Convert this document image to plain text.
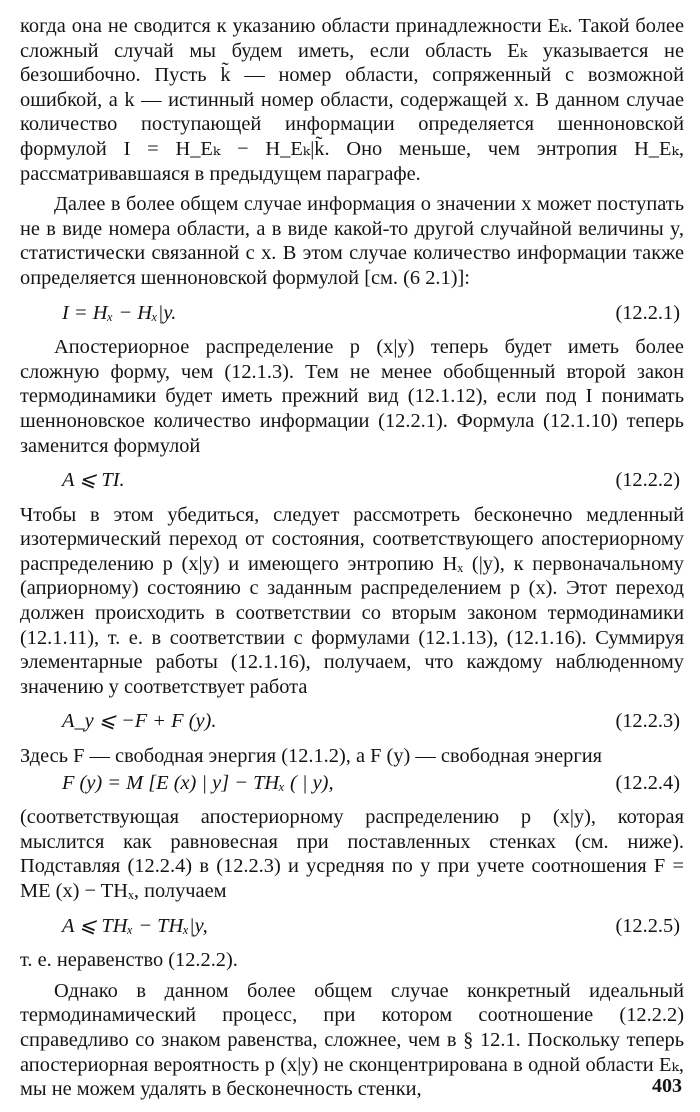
когда она не сводится к указанию области принадлежности Eₖ. Такой более сложный случай мы будем иметь, если область Eₖ указывается не безошибочно. Пусть k̃ — номер области, сопряженный с возможной ошибкой, а k — истинный номер области, содержащей x. В данном случае количество поступающей информации определяется шенноновской формулой I = H_Eₖ − H_Eₖ|k̃. Оно меньше, чем энтропия H_Eₖ, рассматривавшаяся в предыдущем параграфе.

Далее в более общем случае информация о значении x может поступать не в виде номера области, а в виде какой-то другой случайной величины y, статистически связанной с x. В этом случае количество информации также определяется шенноновской формулой [см. (6 2.1)]:

I = Hₓ − Hₓ|y.	(12.2.1)

Апостериорное распределение p (x|y) теперь будет иметь более сложную форму, чем (12.1.3). Тем не менее обобщенный второй закон термодинамики будет иметь прежний вид (12.1.12), если под I понимать шенноновское количество информации (12.2.1). Формула (12.1.10) теперь заменится формулой

A ⩽ TI.	(12.2.2)

Чтобы в этом убедиться, следует рассмотреть бесконечно медленный изотермический переход от состояния, соответствующего апостериорному распределению p (x|y) и имеющего энтропию Hₓ (|y), к первоначальному (априорному) состоянию с заданным распределением p (x). Этот переход должен происходить в соответствии со вторым законом термодинамики (12.1.11), т. е. в соответствии с формулами (12.1.13), (12.1.16). Суммируя элементарные работы (12.1.16), получаем, что каждому наблюденному значению y соответствует работа

A_y ⩽ −F + F (y).	(12.2.3)

Здесь F — свободная энергия (12.1.2), а F (y) — свободная энергия

F (y) = M [E (x) | y] − THₓ ( | y),	(12.2.4)

(соответствующая апостериорному распределению p (x|y), которая мыслится как равновесная при поставленных стенках (см. ниже). Подставляя (12.2.4) в (12.2.3) и усредняя по y при учете соотношения F = ME (x) − THₓ, получаем

A ⩽ THₓ − THₓ|y,	(12.2.5)

т. е. неравенство (12.2.2).

Однако в данном более общем случае конкретный идеальный термодинамический процесс, при котором соотношение (12.2.2) справедливо со знаком равенства, сложнее, чем в § 12.1. Поскольку теперь апостериорная вероятность p (x|y) не сконцентрирована в одной области Eₖ, мы не можем удалять в бесконечность стенки,	403
